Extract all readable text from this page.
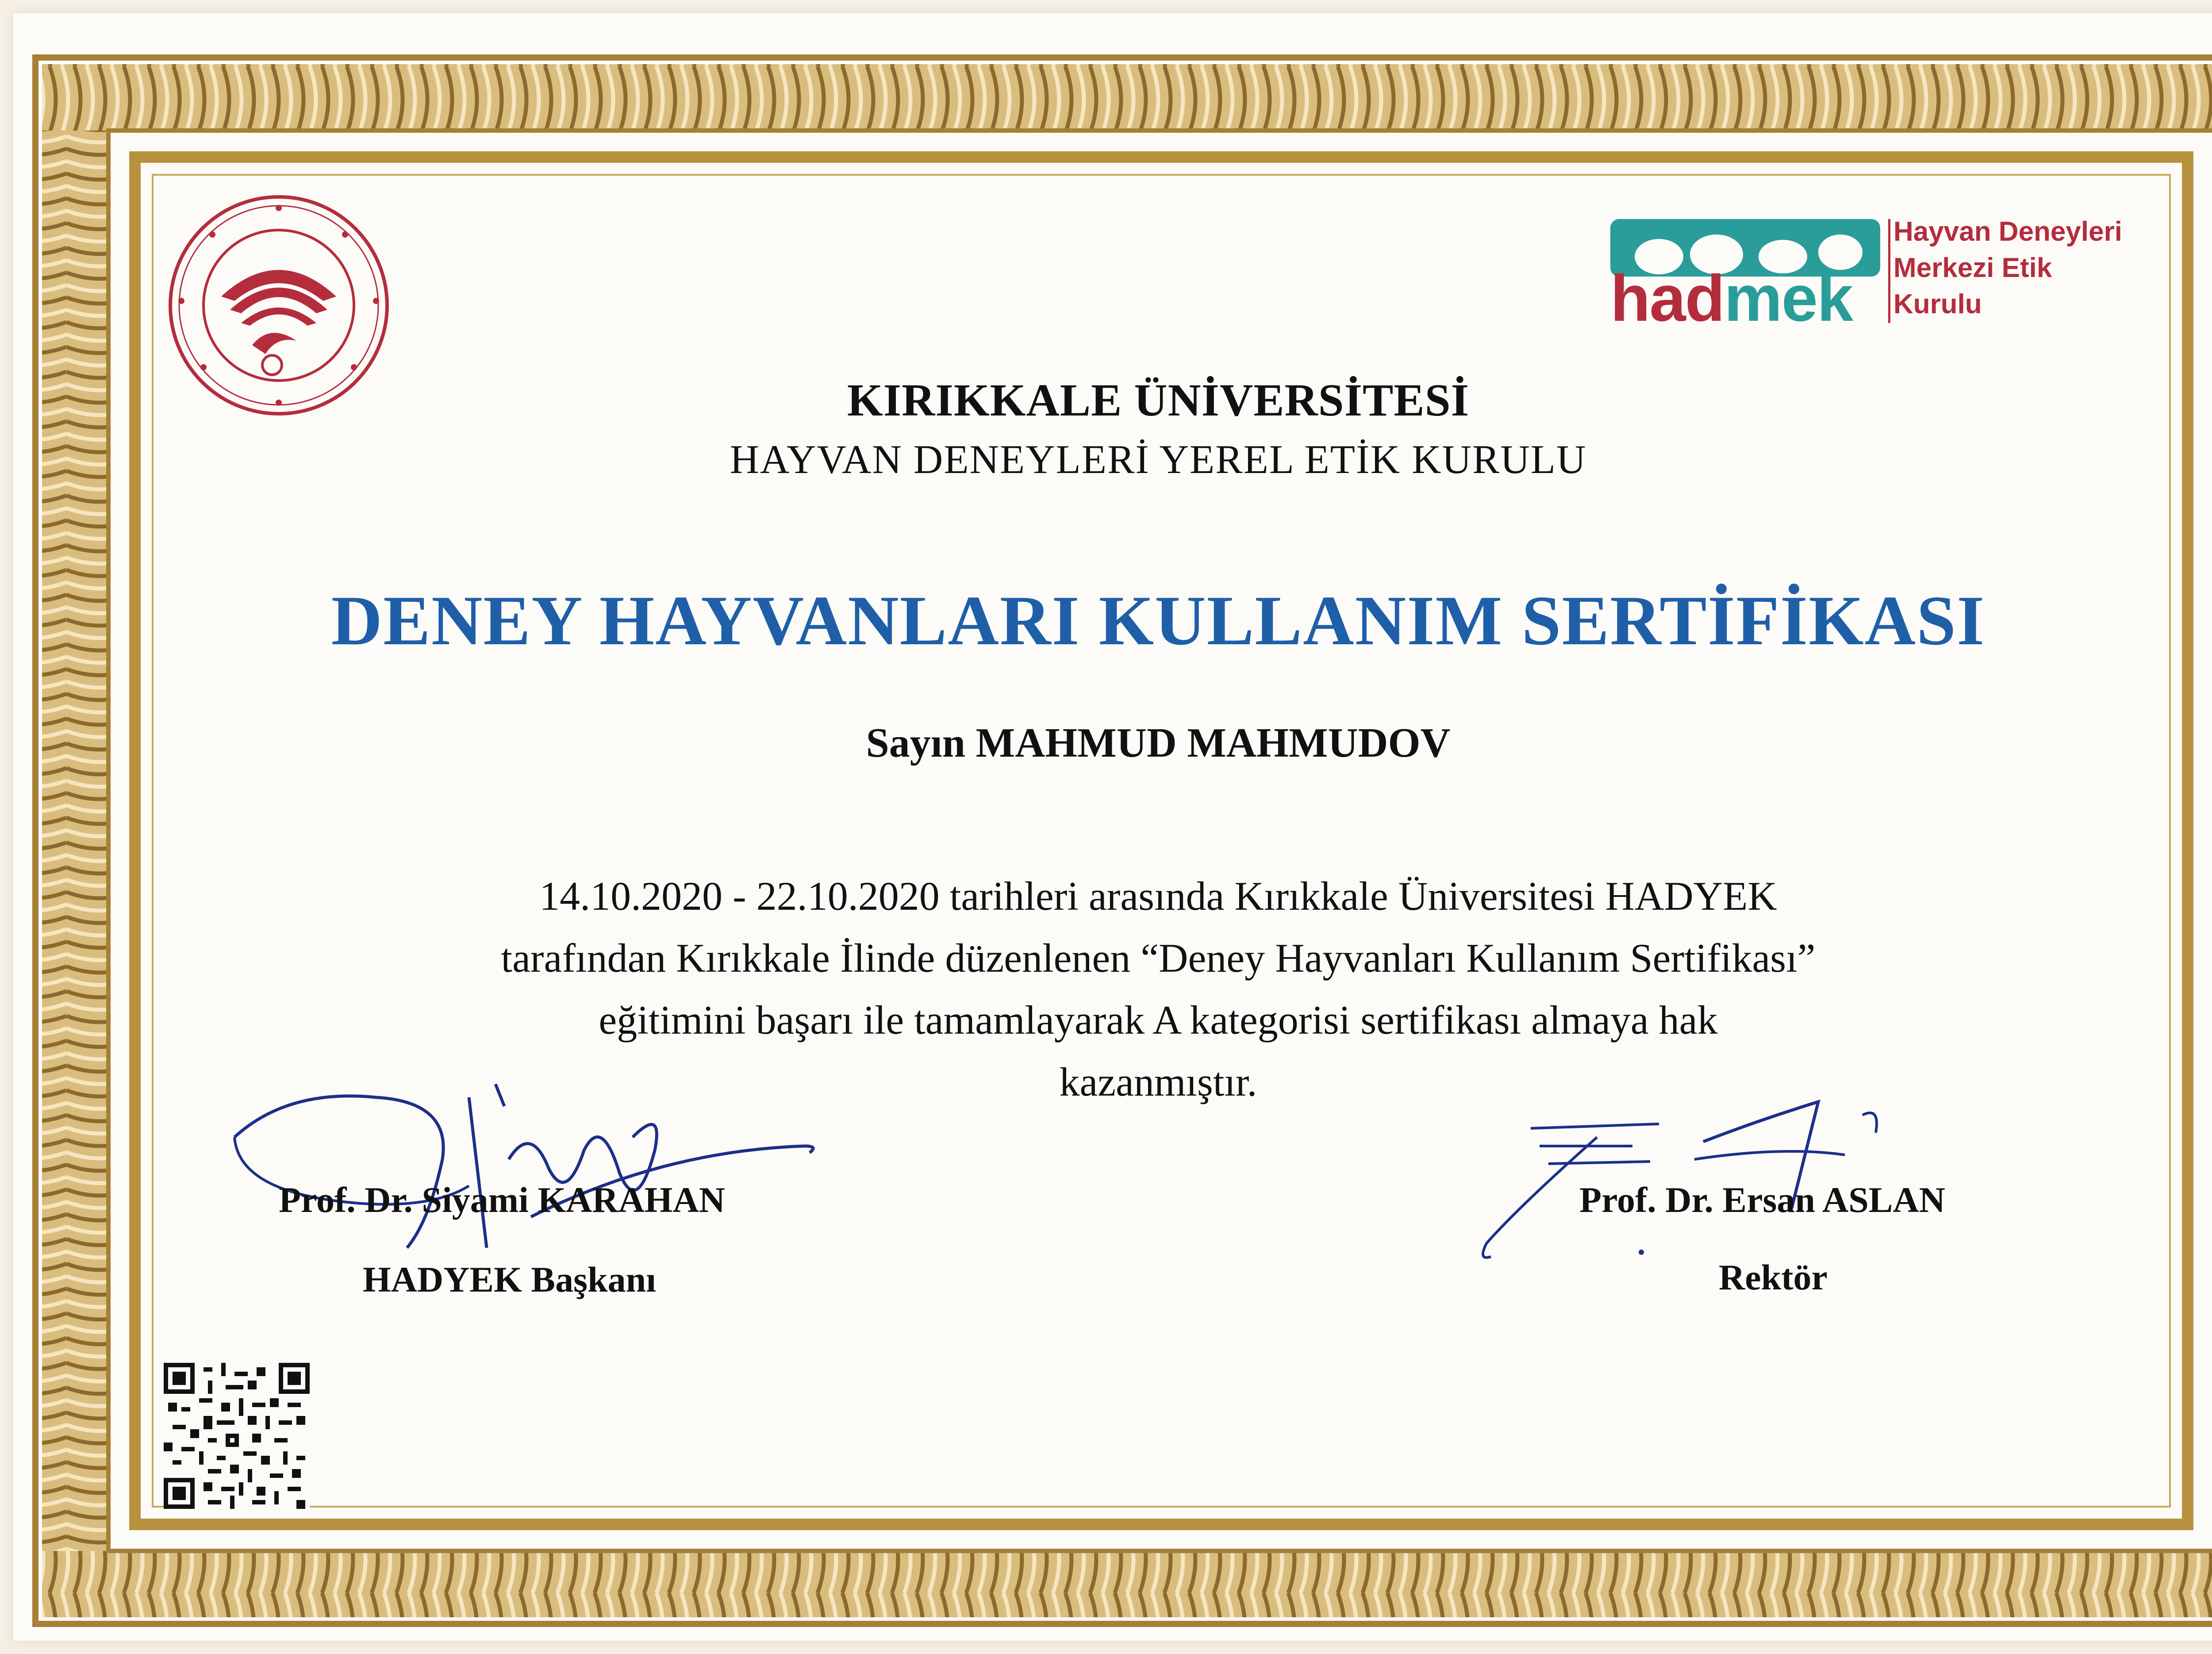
hadmek
Hayvan Deneyleri
Merkezi Etik
Kurulu
KIRIKKALE ÜNİVERSİTESİ
HAYVAN DENEYLERİ YEREL ETİK KURULU
DENEY HAYVANLARI KULLANIM SERTİFİKASI
Sayın MAHMUD MAHMUDOV
14.10.2020 - 22.10.2020 tarihleri arasında Kırıkkale Üniversitesi HADYEK
tarafından Kırıkkale İlinde düzenlenen “Deney Hayvanları Kullanım Sertifikası”
eğitimini başarı ile tamamlayarak A kategorisi sertifikası almaya hak
kazanmıştır.
Prof. Dr. Siyami KARAHAN
HADYEK Başkanı
Prof. Dr. Ersan ASLAN
Rektör
